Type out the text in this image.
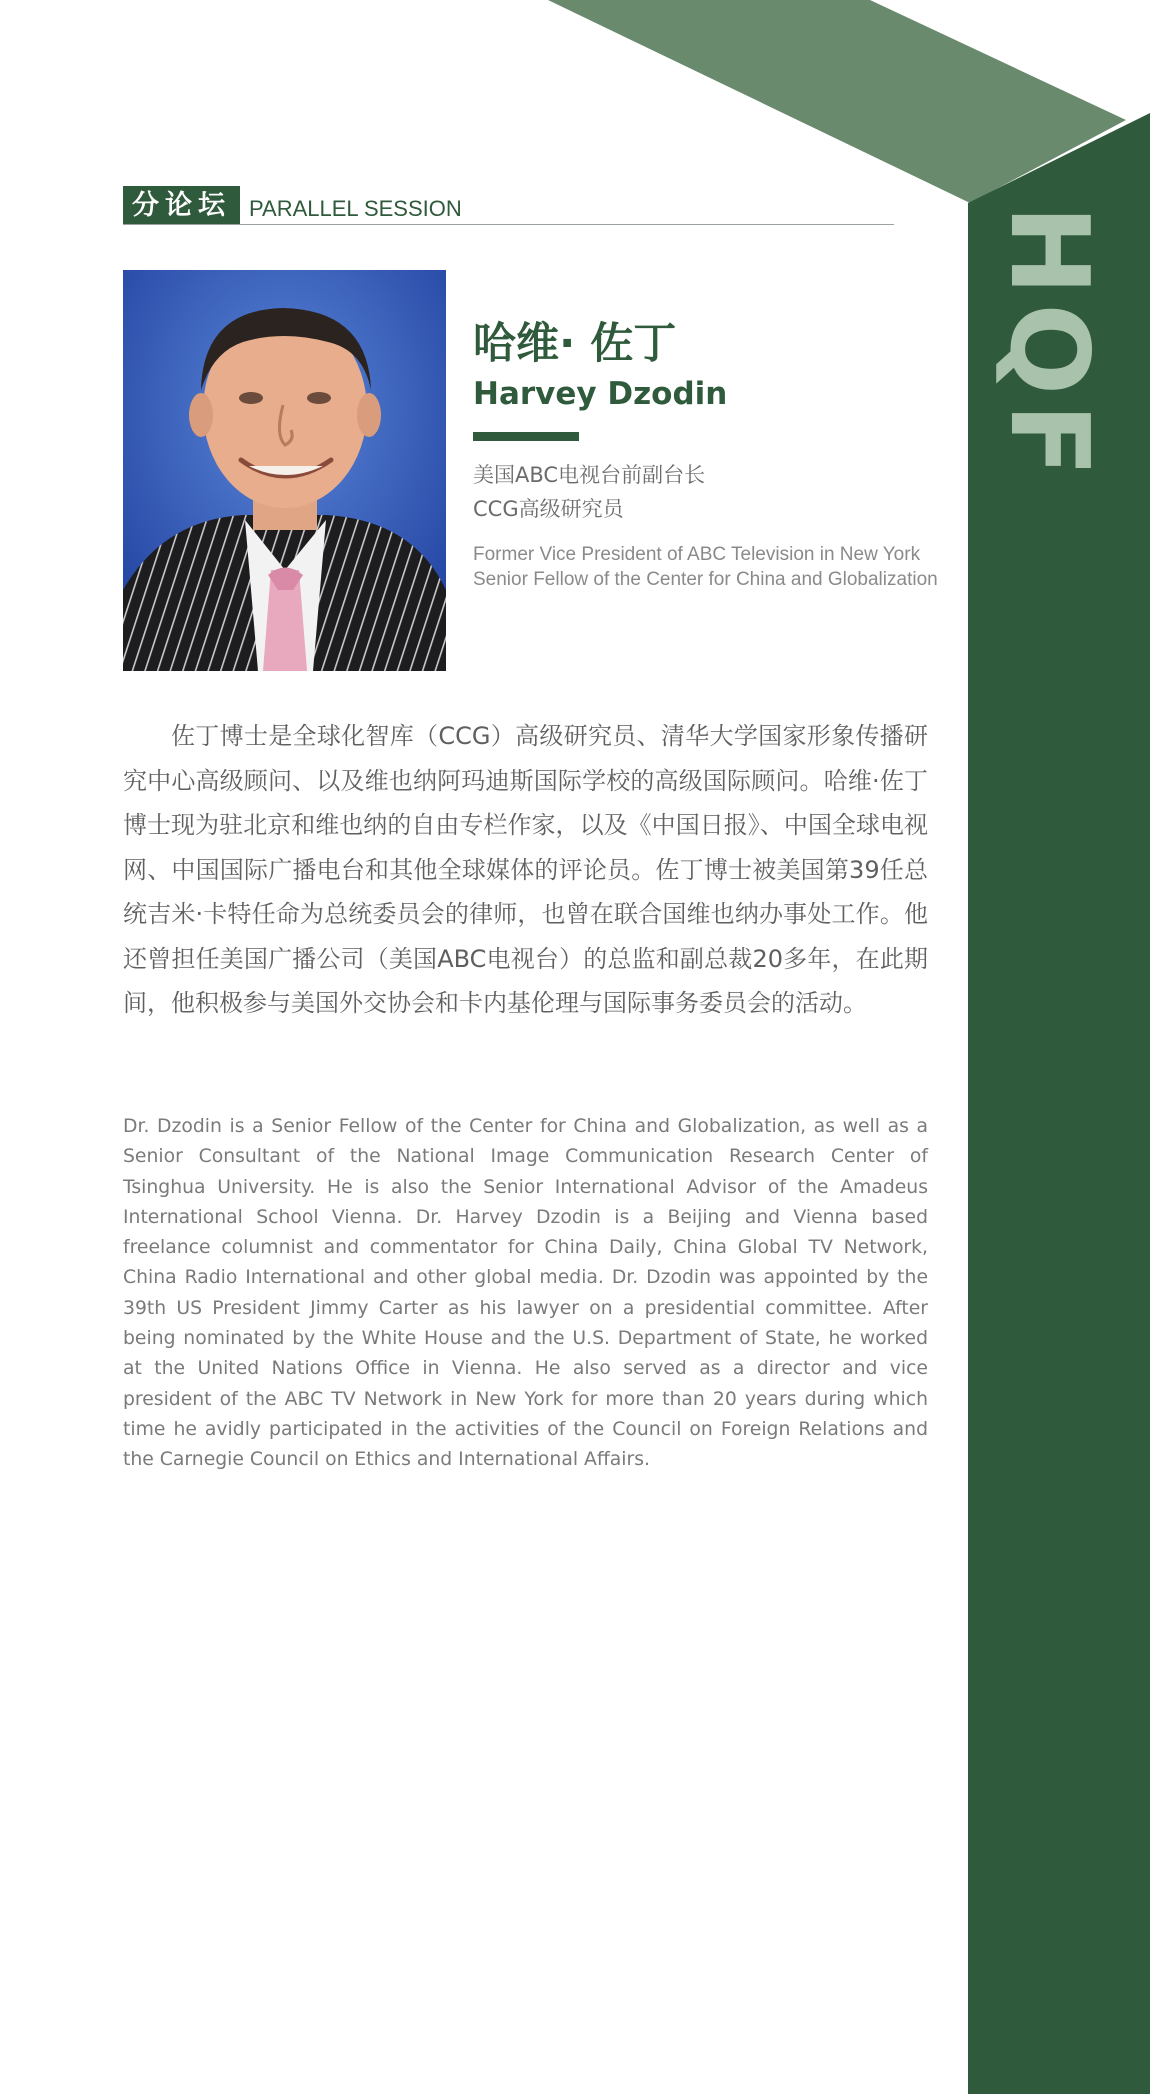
HQF
分论坛 PARALLEL SESSION
哈维· 佐丁
Harvey Dzodin
美国ABC电视台前副台长
CCG高级研究员
Former Vice President of ABC Television in New York
Senior Fellow of the Center for China and Globalization

佐丁博士是全球化智库（CCG）高级研究员、清华大学国家形象传播研究中心高级顾问、以及维也纳阿玛迪斯国际学校的高级国际顾问。哈维·佐丁博士现为驻北京和维也纳的自由专栏作家，以及《中国日报》、中国全球电视网、中国国际广播电台和其他全球媒体的评论员。佐丁博士被美国第39任总统吉米·卡特任命为总统委员会的律师，也曾在联合国维也纳办事处工作。他还曾担任美国广播公司（美国ABC电视台）的总监和副总裁20多年，在此期间，他积极参与美国外交协会和卡内基伦理与国际事务委员会的活动。

Dr. Dzodin is a Senior Fellow of the Center for China and Globalization, as well as a Senior Consultant of the National Image Communication Research Center of Tsinghua University. He is also the Senior International Advisor of the Amadeus International School Vienna. Dr. Harvey Dzodin is a Beijing and Vienna based freelance columnist and commentator for China Daily, China Global TV Network, China Radio International and other global media. Dr. Dzodin was appointed by the 39th US President Jimmy Carter as his lawyer on a presidential committee. After being nominated by the White House and the U.S. Department of State, he worked at the United Nations Office in Vienna. He also served as a director and vice president of the ABC TV Network in New York for more than 20 years during which time he avidly participated in the activities of the Council on Foreign Relations and the Carnegie Council on Ethics and International Affairs.
